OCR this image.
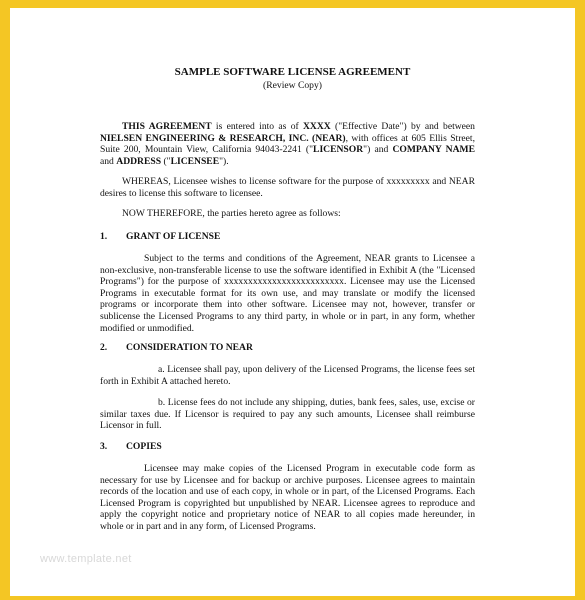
SAMPLE SOFTWARE LICENSE AGREEMENT
(Review Copy)
THIS AGREEMENT is entered into as of XXXX ("Effective Date") by and between NIELSEN ENGINEERING & RESEARCH, INC. (NEAR), with offices at 605 Ellis Street, Suite 200, Mountain View, California 94043-2241 ("LICENSOR") and COMPANY NAME and ADDRESS ("LICENSEE").
WHEREAS, Licensee wishes to license software for the purpose of xxxxxxxxx and NEAR desires to license this software to licensee.
NOW THEREFORE, the parties hereto agree as follows:
1. GRANT OF LICENSE
Subject to the terms and conditions of the Agreement, NEAR grants to Licensee a non-exclusive, non-transferable license to use the software identified in Exhibit A (the "Licensed Programs") for the purpose of xxxxxxxxxxxxxxxxxxxxxxxxx. Licensee may use the Licensed Programs in executable format for its own use, and may translate or modify the licensed programs or incorporate them into other software. Licensee may not, however, transfer or sublicense the Licensed Programs to any third party, in whole or in part, in any form, whether modified or unmodified.
2. CONSIDERATION TO NEAR
a. Licensee shall pay, upon delivery of the Licensed Programs, the license fees set forth in Exhibit A attached hereto.
b. License fees do not include any shipping, duties, bank fees, sales, use, excise or similar taxes due. If Licensor is required to pay any such amounts, Licensee shall reimburse Licensor in full.
3. COPIES
Licensee may make copies of the Licensed Program in executable code form as necessary for use by Licensee and for backup or archive purposes. Licensee agrees to maintain records of the location and use of each copy, in whole or in part, of the Licensed Programs. Each Licensed Program is copyrighted but unpublished by NEAR. Licensee agrees to reproduce and apply the copyright notice and proprietary notice of NEAR to all copies made hereunder, in whole or in part and in any form, of Licensed Programs.
www.template.net
